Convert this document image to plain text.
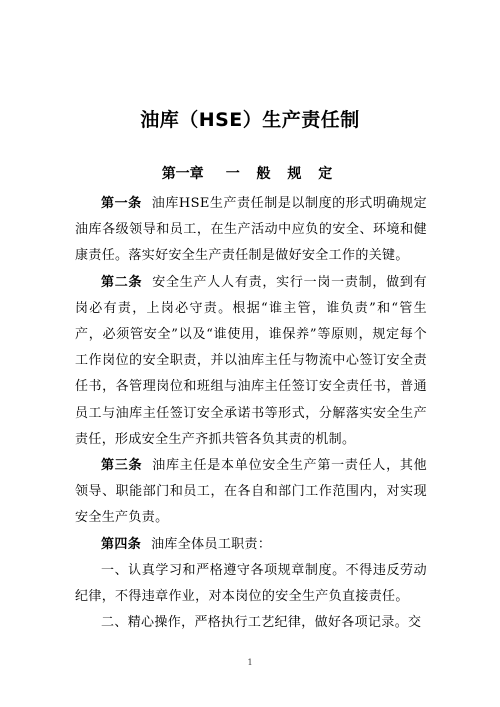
油库（HSE）生产责任制
第一章 一 般 规 定

第一条 油库HSE生产责任制是以制度的形式明确规定油库各级领导和员工，在生产活动中应负的安全、环境和健康责任。落实好安全生产责任制是做好安全工作的关键。

第二条 安全生产人人有责，实行一岗一责制，做到有岗必有责，上岗必守责。根据“谁主管，谁负责”和“管生产，必须管安全”以及“谁使用，谁保养”等原则，规定每个工作岗位的安全职责，并以油库主任与物流中心签订安全责任书，各管理岗位和班组与油库主任签订安全责任书，普通员工与油库主任签订安全承诺书等形式，分解落实安全生产责任，形成安全生产齐抓共管各负其责的机制。

第三条 油库主任是本单位安全生产第一责任人，其他领导、职能部门和员工，在各自和部门工作范围内，对实现安全生产负责。

第四条 油库全体员工职责：

一、认真学习和严格遵守各项规章制度。不得违反劳动纪律，不得违章作业，对本岗位的安全生产负直接责任。

二、精心操作，严格执行工艺纪律，做好各项记录。交

1
